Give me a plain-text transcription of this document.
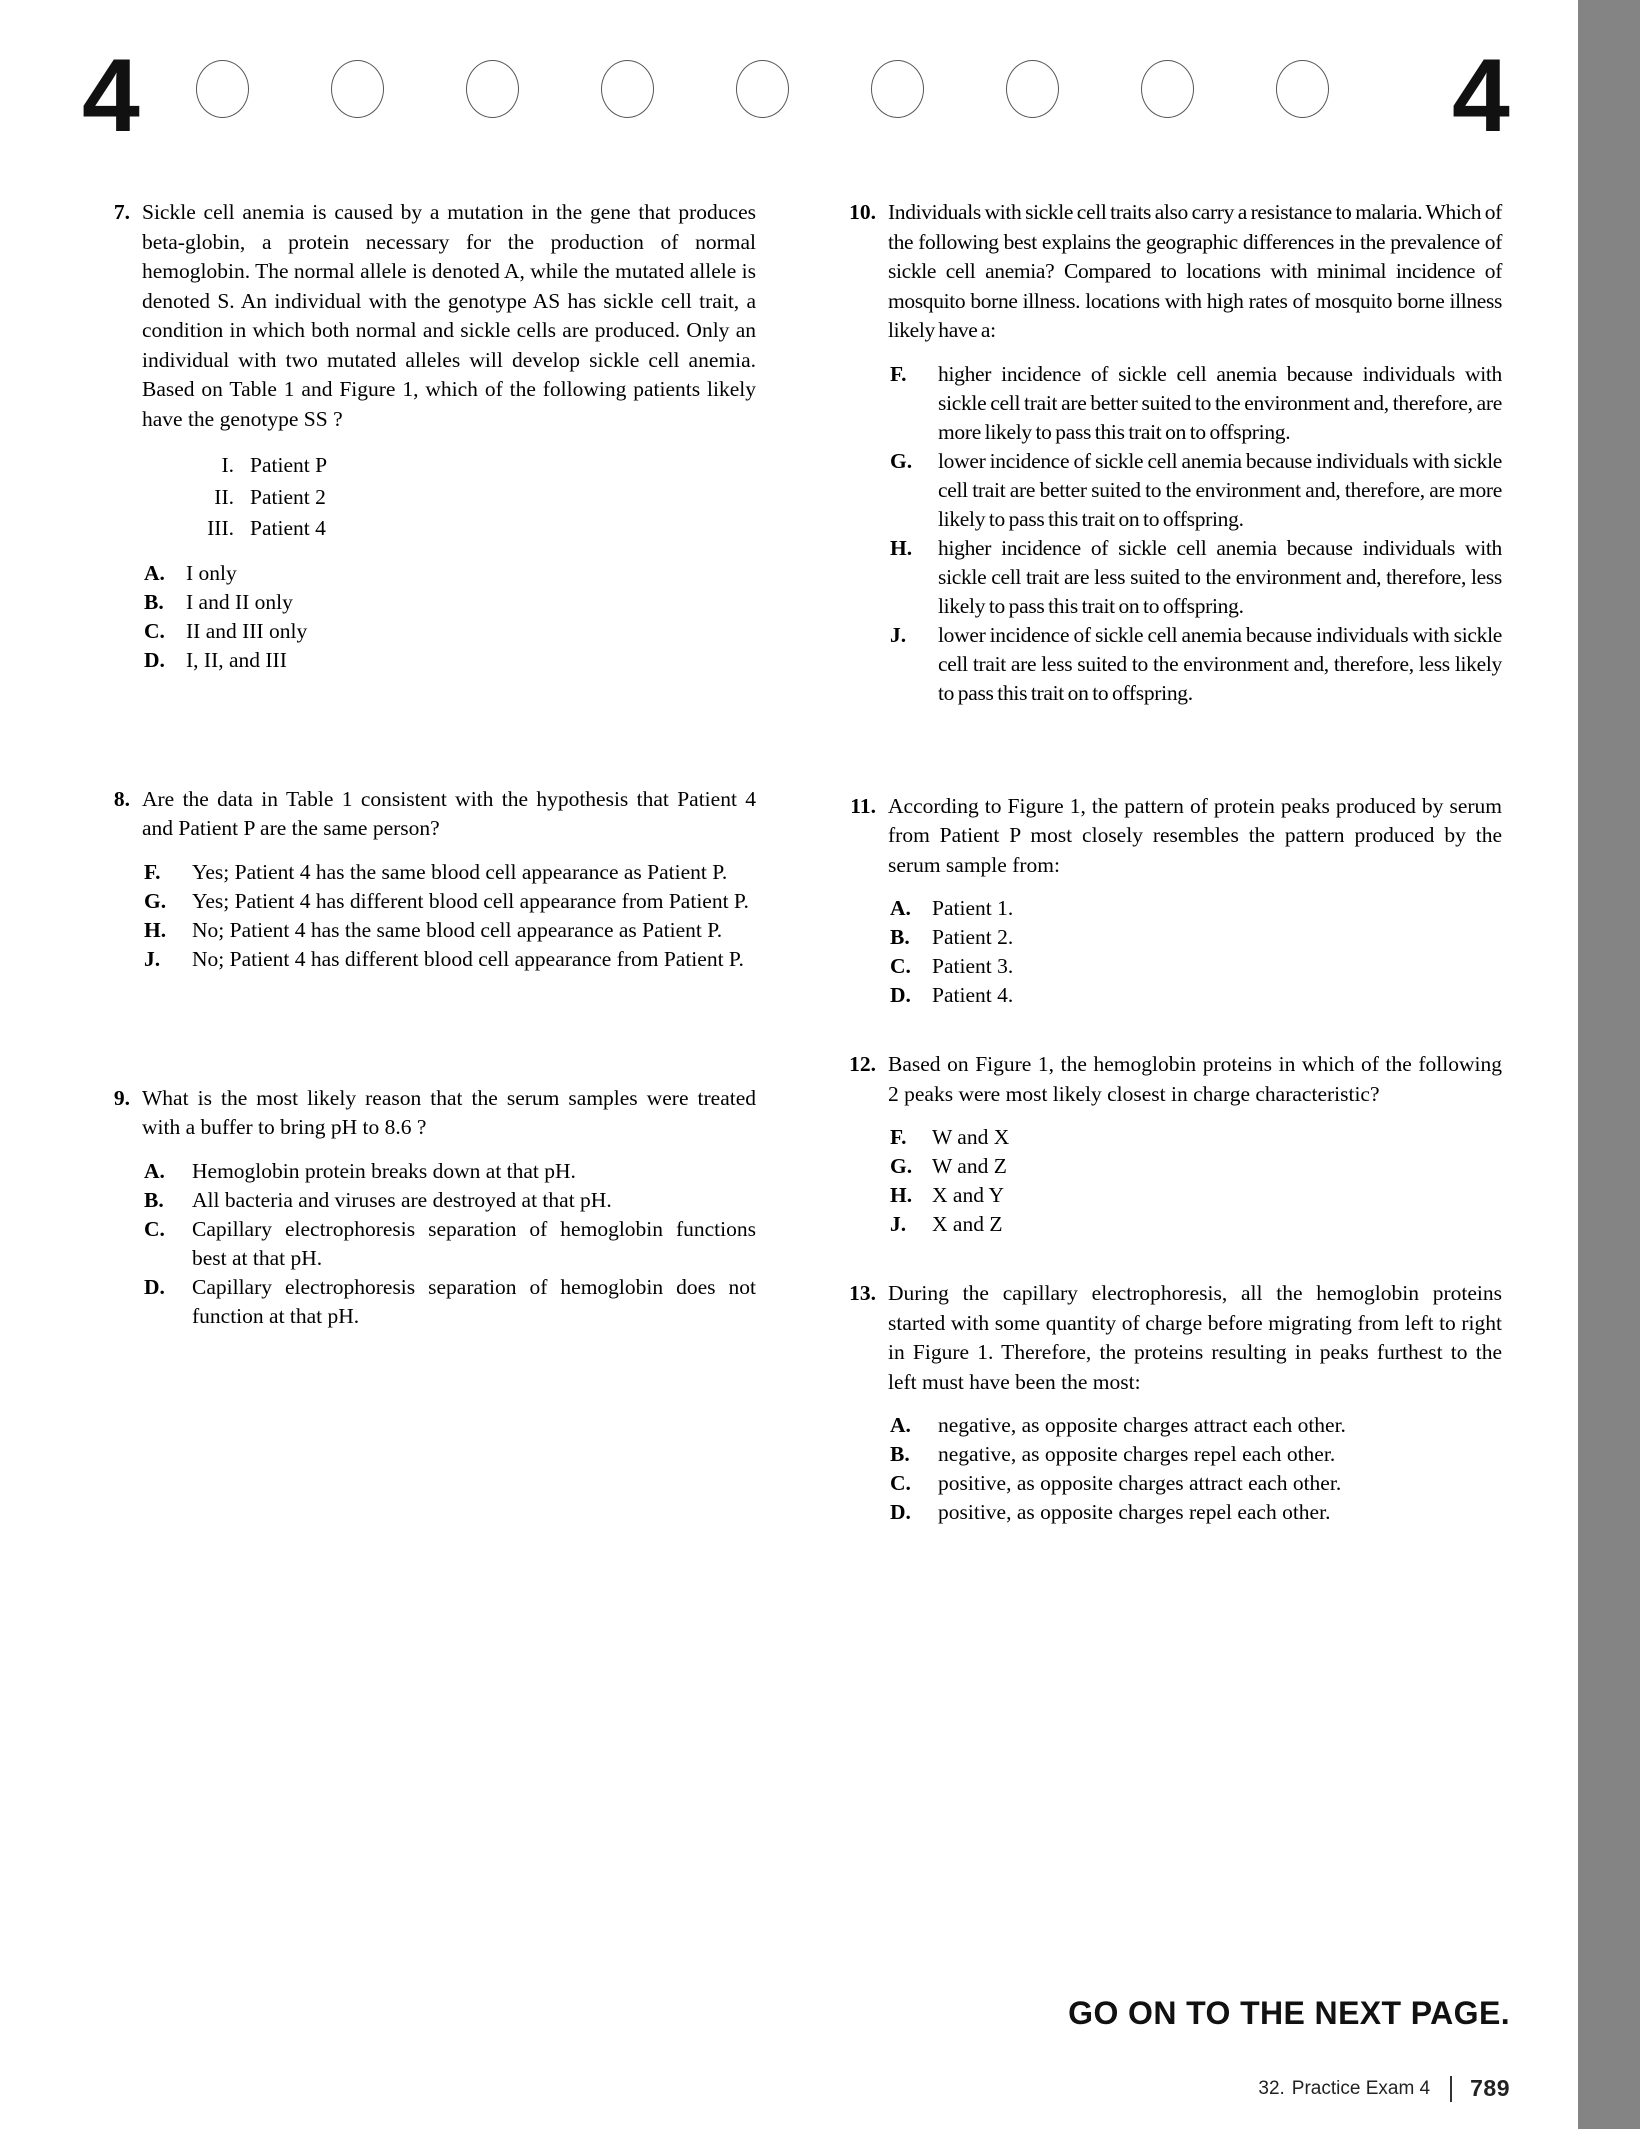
4	4
7. Sickle cell anemia is caused by a mutation in the gene that produces beta-globin, a protein necessary for the production of normal hemoglobin. The normal allele is denoted A, while the mutated allele is denoted S. An individual with the genotype AS has sickle cell trait, a condition in which both normal and sickle cells are produced. Only an individual with two mutated alleles will develop sickle cell anemia. Based on Table 1 and Figure 1, which of the following patients likely have the genotype SS ?
I. Patient P
II. Patient 2
III. Patient 4
A. I only
B.	I and II only
C. II and III only
D. I, II, and III
8. Are the data in Table 1 consistent with the hypothesis that Patient 4 and Patient P are the same person?
F.	Yes; Patient 4 has the same blood cell appearance as Patient P.
G.	Yes; Patient 4 has different blood cell appearance from Patient P.
H.	No; Patient 4 has the same blood cell appearance as Patient P.
J.	No; Patient 4 has different blood cell appearance from Patient P.
9. What is the most likely reason that the serum samples were treated with a buffer to bring pH to 8.6 ?
A.	Hemoglobin protein breaks down at that pH.
B.	All bacteria and viruses are destroyed at that pH.
C.	Capillary electrophoresis separation of hemoglobin functions best at that pH.
D.	Capillary electrophoresis separation of hemoglobin does not function at that pH.
10. Individuals with sickle cell traits also carry a resistance to malaria. Which of the following best explains the geographic differences in the prevalence of sickle cell anemia? Compared to locations with minimal incidence of mosquito borne illness. locations with high rates of mosquito borne illness likely have a:
F.	higher incidence of sickle cell anemia because individuals with sickle cell trait are better suited to the environment and, therefore, are more likely to pass this trait on to offspring.
G.	lower incidence of sickle cell anemia because individuals with sickle cell trait are better suited to the environment and, therefore, are more likely to pass this trait on to offspring.
H.	higher incidence of sickle cell anemia because individuals with sickle cell trait are less suited to the environment and, therefore, less likely to pass this trait on to offspring.
J.	lower incidence of sickle cell anemia because individuals with sickle cell trait are less suited to the environment and, therefore, less likely to pass this trait on to offspring.
11. According to Figure 1, the pattern of protein peaks produced by serum from Patient P most closely resembles the pattern produced by the serum sample from:
A. Patient 1.
B.	Patient 2.
C. Patient 3.
D. Patient 4.
12. Based on Figure 1, the hemoglobin proteins in which of the following 2 peaks were most likely closest in charge characteristic?
F.	W and X
G. W and Z
H. X and Y
J.	X and Z
13. During the capillary electrophoresis, all the hemoglobin proteins started with some quantity of charge before migrating from left to right in Figure 1. Therefore, the proteins resulting in peaks furthest to the left must have been the most:
A.	negative, as opposite charges attract each other.
B.	negative, as opposite charges repel each other.
C.	positive, as opposite charges attract each other.
D.	positive, as opposite charges repel each other.
GO ON TO THE NEXT PAGE.
32. Practice Exam 4 789
